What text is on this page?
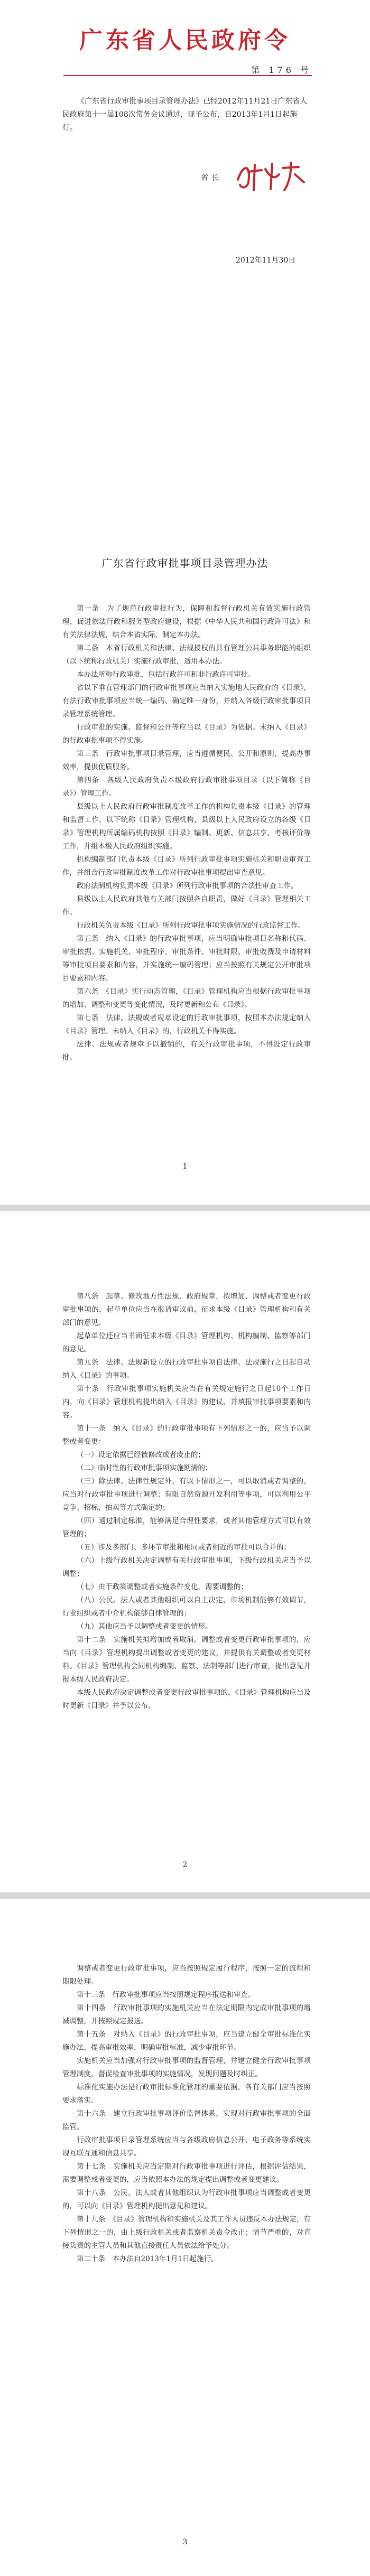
广东省人民政府令
第 176 号
《广东省行政审批事项目录管理办法》已经2012年11月21日广东省人民政府第十一届108次常务会议通过，现予公布，自2013年1月1日起施行。
省长
2012年11月30日
广东省行政审批事项目录管理办法

第一条　为了规范行政审批行为，保障和监督行政机关有效实施行政管理，促进依法行政和服务型政府建设，根据《中华人民共和国行政许可法》和有关法律法规，结合本省实际，制定本办法。

第二条　本省行政机关和法律、法规授权的具有管理公共事务职能的组织（以下统称行政机关）实施行政审批，适用本办法。

本办法所称行政审批，包括行政许可和非行政许可审批。

省以下垂直管理部门的行政审批事项应当纳入实施地人民政府的《目录》，有法行政审批事项应当统一编码、确定唯一身份，并纳入各级行政审批事项目录管理系统管理。

行政审批的实施、监督和公开等应当以《目录》为依据。未纳入《目录》的行政审批事项不得实施。

第三条　行政审批事项目录管理，应当遵循便民、公开和原则，提高办事效率，提供优质服务。

第四条　各级人民政府负责本级政府行政审批事项目录（以下简称《目录》）管理工作。

县级以上人民政府行政审批制度改革工作的机构负责本级《目录》的管理和监督工作，以下统称《目录》管理机构，县级以上人民政府设立的各级《目录》管理机构所属编码机构按照《目录》编制、更新、信息共享、考核评价等工作，并组本级人民政府组织实施。

机构编制部门负责本级《目录》所列行政审批事项实施机关和职责审查工作，并组合行政审批制度改革工作对行政审批事项提出审查意见。

政府法制机构负责本级《目录》所列行政审批事项的合法性审查工作。

县级以上人民政府其他有关部门按照各自职责，做好《目录》管理相关工作。

行政机关负责本级《目录》所列行政审批事项实施情况的行政监督工作。

第五条　纳入《目录》的行政审批事项，应当明确审批项目名称和代码、审批依据、实施机关、审批程序、审批条件、审批时限、审批收费及申请材料等审批项目要素和内容，并实施统一编码管理；应当按照有关规定公开审批项目要素和内容。

第六条　《目录》实行动态管理，《目录》管理机构应当根据行政审批事项的增加、调整和变更等变化情况，及时更新和公布《目录》。

第七条　法律、法规或者规章设定的行政审批事项，按照本办法规定纳入《目录》管理。未纳入《目录》的，行政机关不得实施。

法律、法规或者规章予以撤销的，有关行政审批事项，不得设定行政审批。

1

第八条　起草、修改地方性法规、政府规章，拟增加、调整或者变更行政审批事项的，起草单位应当在报请审议前，征求本级《目录》管理机构和有关部门的意见。

起草单位还应当书面征求本级《目录》管理机构、机构编制、监察等部门的意见。

第九条　法律、法规新设立的行政审批事项自法律、法规施行之日起自动纳入《目录》的事项。

第十条　行政审批事项实施机关应当在有关规定施行之日起10个工作日内，向《目录》管理机构提出纳入《目录》的建议，并填报审批事项要素和内容。

第十一条　纳入《目录》的行政审批事项有下列情形之一的，应当予以调整或者变更：

（一）设定依据已经被修改或者废止的；

（二）临时性的行政审批事项实施期满的；

（三）除法律、法律性规定外，有以下情形之一，可以取消或者调整的，应当对行政审批事项进行调整；有限自然资源开发利用等事项，可以利用公平竞争、招标、拍卖等方式确定的；

（四）通过制定标准，能够满足合理性要求，或者其他管理方式可以有效管理的；

（五）涉及多部门、多环节审批和相同或者相近的审批可以合并的；

（六）上级行政机关决定调整有关行政审批事项，下级行政机关应当予以调整；

（七）由于政策调整或者实施条件变化，需要调整的；

（八）公民、法人或者其他组织可以自主决定，市场机制能够有效调节，行业组织或者中介机构能够自律管理的；

（九）其他应当予以调整或者变更的情形。

第十二条　实施机关拟增加或者取消、调整或者变更行政审批事项的，应当向《目录》管理机构提出调整或者变更的建议，并提供有关调整或者变更材料。《目录》管理机构会同机构编制、监察、法制等部门进行审查，提出意见并报本级人民政府决定。

本级人民政府决定调整或者变更行政审批事项的，《目录》管理机构应当及时更新《目录》并予以公布。

2

调整或者变更行政审批事项，应当按照规定履行程序，按照一定的流程和期限处理。

第十三条　行政审批事项应当按照规定程序报送和审查。

第十四条　行政审批事项的实施机关应当在法定期限内完成审批事项的增减调整，并按照规定报送。

第十五条　对纳入《目录》的行政审批事项，应当建立健全审批标准化实施办法，提高审批效率，明确审批标准，减少审批环节。

实施机关应当加强对行政审批事项的监督管理，并建立健全行政审批事项管理制度，督促检查审批事项的实施情况，发现问题及时纠正。

标准化实施办法是行政审批标准化管理的重要依据，各有关部门应当按照要求落实。

第十六条　建立行政审批事项评价监督体系，实现对行政审批事项的全面监管。

行政审批事项目录管理系统应当与各级政府信息公开、电子政务等系统实现互联互通和信息共享。

第十七条　实施机关应当定期对行政审批事项进行评估，根据评估结果，需要调整或者变更的，应当依照本办法的规定提出调整或者变更建议。

第十八条　公民、法人或者其他组织认为行政审批事项应当调整或者变更的，可以向《目录》管理机构提出意见和建议。

第十九条　《目录》管理机构和实施机关及其工作人员违反本办法规定，有下列情形之一的，由上级行政机关或者监察机关责令改正；情节严重的，对直接负责的主管人员和其他直接责任人员依法给予处分。

第二十条　本办法自2013年1月1日起施行。

3
